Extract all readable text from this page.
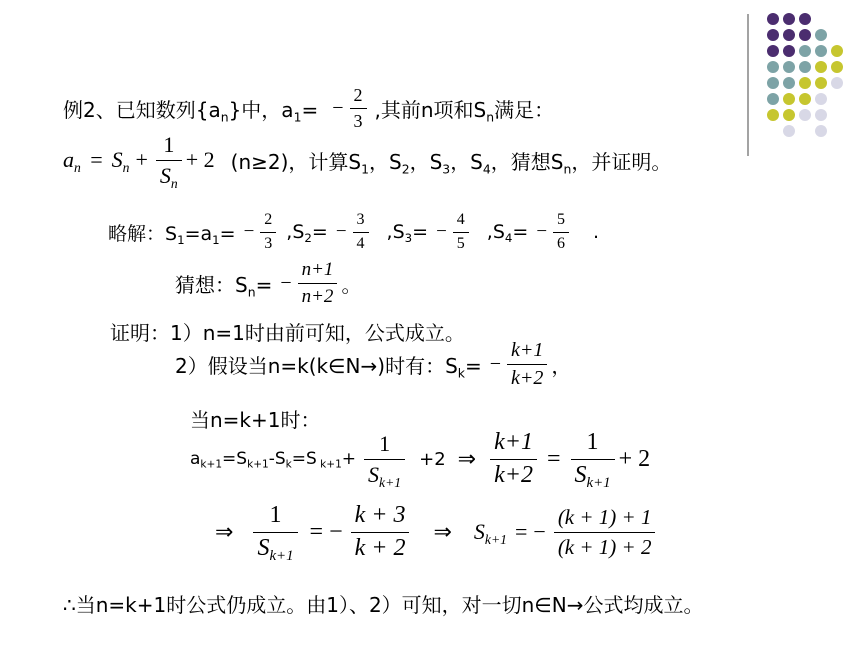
例2、已知数列$\{a_n\}$中，$a_1= - \frac{2}{3}$ ,其前n项和$S_n$满足：
$a_n = S_n + \frac{1}{S_n} + 2$ (n≥2)，计算$S_1$，$S_2$，$S_3$，$S_4$，猜想$S_n$，并证明。
略解：$S_1=a_1= - \frac{2}{3} ,S_2= - \frac{3}{4} ,S_3= - \frac{4}{5} ,S_4= - \frac{5}{6}$ .
猜想：$S_n= - \frac{n+1}{n+2}$ 。
证明：1）n=1时由前可知，公式成立。
2）假设当n=k(k∈N→)时有：$S_k= - \frac{k+1}{k+2}$ ，
当n=k+1时：
$a_{k+1}=S_{k+1}-S_k=S$ $_{k+1}+ \frac{1}{S_{k+1}} +2$ ⇒ $\frac{k+1}{k+2} = \frac{1}{S_{k+1}} + 2$
⇒ $\frac{1}{S_{k+1}}$ = − $\frac{k + 3}{k + 2}$ ⇒ $S_{k+1}$ = − $\frac{(k + 1) + 1}{(k + 1) + 2}$
∴当n=k+1时公式仍成立。由1）、2）可知，对一切n∈N→公式均成立。
